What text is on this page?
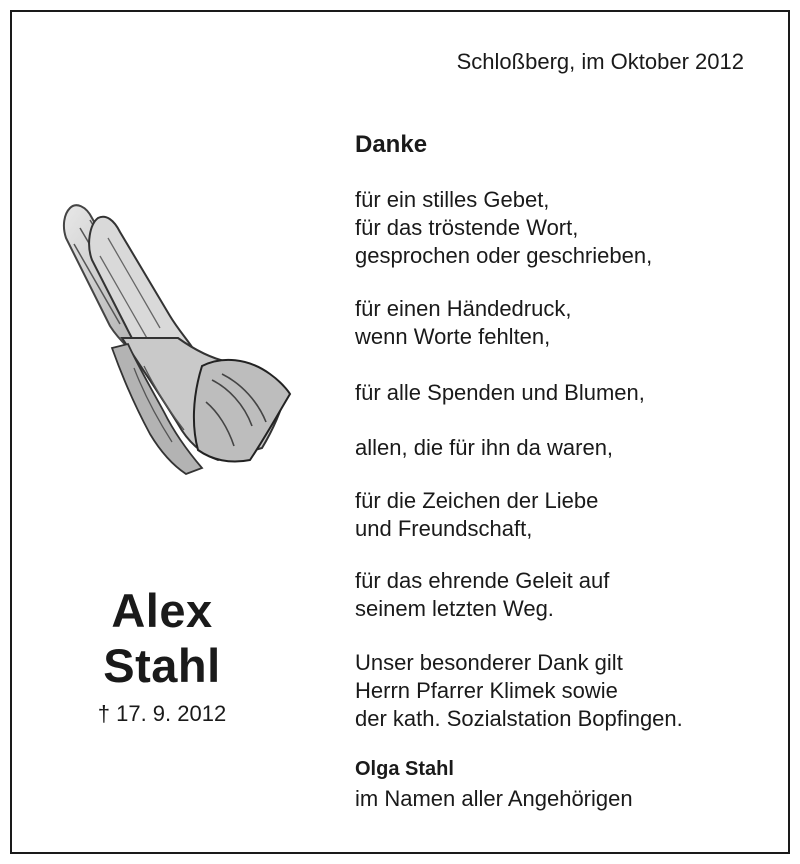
Schloßberg, im Oktober 2012
Alex
Stahl
† 17. 9. 2012
Danke
für ein stilles Gebet,
für das tröstende Wort,
gesprochen oder geschrieben,
für einen Händedruck,
wenn Worte fehlten,
für alle Spenden und Blumen,
allen, die für ihn da waren,
für die Zeichen der Liebe
und Freundschaft,
für das ehrende Geleit auf
seinem letzten Weg.
Unser besonderer Dank gilt
Herrn Pfarrer Klimek sowie
der kath. Sozialstation Bopfingen.
Olga Stahl
im Namen aller Angehörigen
